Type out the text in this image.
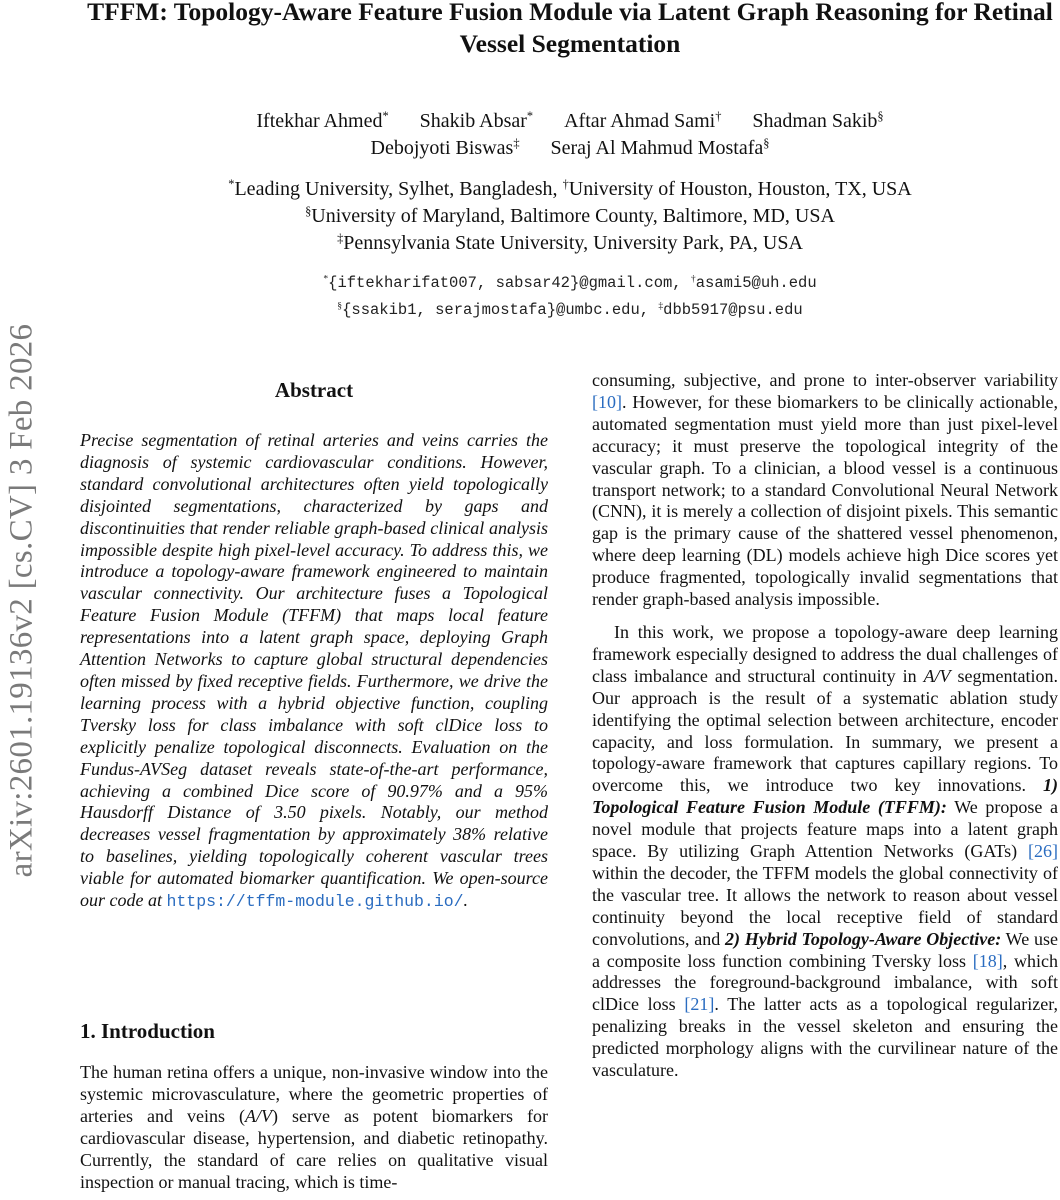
TFFM: Topology-Aware Feature Fusion Module via Latent Graph Reasoning for Retinal Vessel Segmentation
Iftekhar Ahmed* Shakib Absar* Aftar Ahmad Sami† Shadman Sakib§
Debojyoti Biswas‡ Seraj Al Mahmud Mostafa§
*Leading University, Sylhet, Bangladesh, †University of Houston, Houston, TX, USA
§University of Maryland, Baltimore County, Baltimore, MD, USA
‡Pennsylvania State University, University Park, PA, USA
*{iftekharifat007, sabsar42}@gmail.com, †asami5@uh.edu
§{ssakib1, serajmostafa}@umbc.edu, ‡dbb5917@psu.edu
arXiv:2601.19136v2 [cs.CV] 3 Feb 2026	Abstract

Precise segmentation of retinal arteries and veins carries the diagnosis of systemic cardiovascular conditions. However, standard convolutional architectures often yield topologically disjointed segmentations, characterized by gaps and discontinuities that render reliable graph-based clinical analysis impossible despite high pixel-level accuracy. To address this, we introduce a topology-aware framework engineered to maintain vascular connectivity. Our architecture fuses a Topological Feature Fusion Module (TFFM) that maps local feature representations into a latent graph space, deploying Graph Attention Networks to capture global structural dependencies often missed by fixed receptive fields. Furthermore, we drive the learning process with a hybrid objective function, coupling Tversky loss for class imbalance with soft clDice loss to explicitly penalize topological disconnects. Evaluation on the Fundus-AVSeg dataset reveals state-of-the-art performance, achieving a combined Dice score of 90.97% and a 95% Hausdorff Distance of 3.50 pixels. Notably, our method decreases vessel fragmentation by approximately 38% relative to baselines, yielding topologically coherent vascular trees viable for automated biomarker quantification. We open-source our code at https://tffm-module.github.io/.

1. Introduction

The human retina offers a unique, non-invasive window into the systemic microvasculature, where the geometric properties of arteries and veins (A/V) serve as potent biomarkers for cardiovascular disease, hypertension, and diabetic retinopathy. Currently, the standard of care relies on qualitative visual inspection or manual tracing, which is time-

consuming, subjective, and prone to inter-observer variability [10]. However, for these biomarkers to be clinically actionable, automated segmentation must yield more than just pixel-level accuracy; it must preserve the topological integrity of the vascular graph. To a clinician, a blood vessel is a continuous transport network; to a standard Convolutional Neural Network (CNN), it is merely a collection of disjoint pixels. This semantic gap is the primary cause of the shattered vessel phenomenon, where deep learning (DL) models achieve high Dice scores yet produce fragmented, topologically invalid segmentations that render graph-based analysis impossible.

In this work, we propose a topology-aware deep learning framework especially designed to address the dual challenges of class imbalance and structural continuity in A/V segmentation. Our approach is the result of a systematic ablation study identifying the optimal selection between architecture, encoder capacity, and loss formulation. In summary, we present a topology-aware framework that captures capillary regions. To overcome this, we introduce two key innovations. 1) Topological Feature Fusion Module (TFFM): We propose a novel module that projects feature maps into a latent graph space. By utilizing Graph Attention Networks (GATs) [26] within the decoder, the TFFM models the global connectivity of the vascular tree. It allows the network to reason about vessel continuity beyond the local receptive field of standard convolutions, and 2) Hybrid Topology-Aware Objective: We use a composite loss function combining Tversky loss [18], which addresses the foreground-background imbalance, with soft clDice loss [21]. The latter acts as a topological regularizer, penalizing breaks in the vessel skeleton and ensuring the predicted morphology aligns with the curvilinear nature of the vasculature.
